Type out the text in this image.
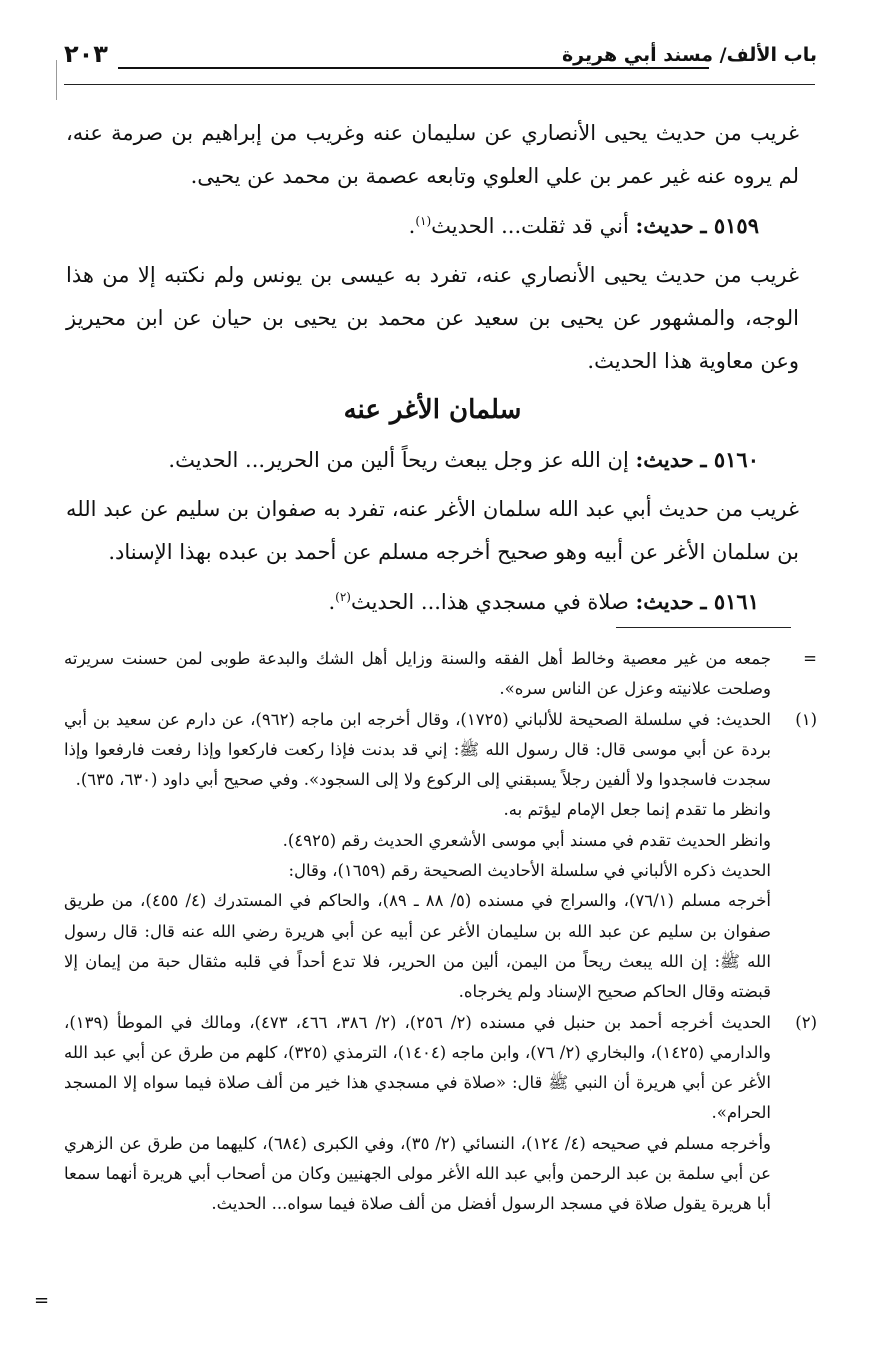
٢٠٣	باب الألف/ مسند أبي هريرة

غريب من حديث يحيى الأنصاري عن سليمان عنه وغريب من إبراهيم بن صرمة عنه، لم يروه عنه غير عمر بن علي العلوي وتابعه عصمة بن محمد عن يحيى.

٥١٥٩ ـ حديث: أني قد ثقلت... الحديث$^{(١)}$.

غريب من حديث يحيى الأنصاري عنه، تفرد به عيسى بن يونس ولم نكتبه إلا من هذا الوجه، والمشهور عن يحيى بن سعيد عن محمد بن يحيى بن حيان عن ابن محيريز وعن معاوية هذا الحديث.

سلمان الأغر عنه

٥١٦٠ ـ حديث: إن الله عز وجل يبعث ريحاً ألين من الحرير... الحديث.

غريب من حديث أبي عبد الله سلمان الأغر عنه، تفرد به صفوان بن سليم عن عبد الله بن سلمان الأغر عن أبيه وهو صحيح أخرجه مسلم عن أحمد بن عبده بهذا الإسناد.

٥١٦١ ـ حديث: صلاة في مسجدي هذا... الحديث$^{(٢)}$.

=

جمعه من غير معصية وخالط أهل الفقه والسنة وزايل أهل الشك والبدعة طوبى لمن حسنت سريرته وصلحت علانيته وعزل عن الناس سره».

(١)

الحديث: في سلسلة الصحيحة للألباني (١٧٢٥)، وقال أخرجه ابن ماجه (٩٦٢)، عن دارم عن سعيد بن أبي بردة عن أبي موسى قال: قال رسول الله ﷺ: إني قد بدنت فإذا ركعت فاركعوا وإذا رفعت فارفعوا وإذا سجدت فاسجدوا ولا ألفين رجلاً يسبقني إلى الركوع ولا إلى السجود». وفي صحيح أبي داود (٦٣٠، ٦٣٥).

وانظر ما تقدم إنما جعل الإمام ليؤتم به.

وانظر الحديث تقدم في مسند أبي موسى الأشعري الحديث رقم (٤٩٢٥).

الحديث ذكره الألباني في سلسلة الأحاديث الصحيحة رقم (١٦٥٩)، وقال:

أخرجه مسلم (٧٦/١)، والسراج في مسنده (٥/ ٨٨ ـ ٨٩)، والحاكم في المستدرك (٤/ ٤٥٥)، من طريق صفوان بن سليم عن عبد الله بن سليمان الأغر عن أبيه عن أبي هريرة رضي الله عنه قال: قال رسول الله ﷺ: إن الله يبعث ريحاً من اليمن، ألين من الحرير، فلا تدع أحداً في قلبه مثقال حبة من إيمان إلا قبضته وقال الحاكم صحيح الإسناد ولم يخرجاه.

(٢)

الحديث أخرجه أحمد بن حنبل في مسنده (٢/ ٢٥٦)، (٢/ ٣٨٦، ٤٦٦، ٤٧٣)، ومالك في الموطأ (١٣٩)، والدارمي (١٤٢٥)، والبخاري (٢/ ٧٦)، وابن ماجه (١٤٠٤)، الترمذي (٣٢٥)، كلهم من طرق عن أبي عبد الله الأغر عن أبي هريرة أن النبي ﷺ قال: «صلاة في مسجدي هذا خير من ألف صلاة فيما سواه إلا المسجد الحرام».

وأخرجه مسلم في صحيحه (٤/ ١٢٤)، النسائي (٢/ ٣٥)، وفي الكبرى (٦٨٤)، كليهما من طرق عن الزهري عن أبي سلمة بن عبد الرحمن وأبي عبد الله الأغر مولى الجهنيين وكان من أصحاب أبي هريرة أنهما سمعا أبا هريرة يقول صلاة في مسجد الرسول أفضل من ألف صلاة فيما سواه... الحديث.

=
